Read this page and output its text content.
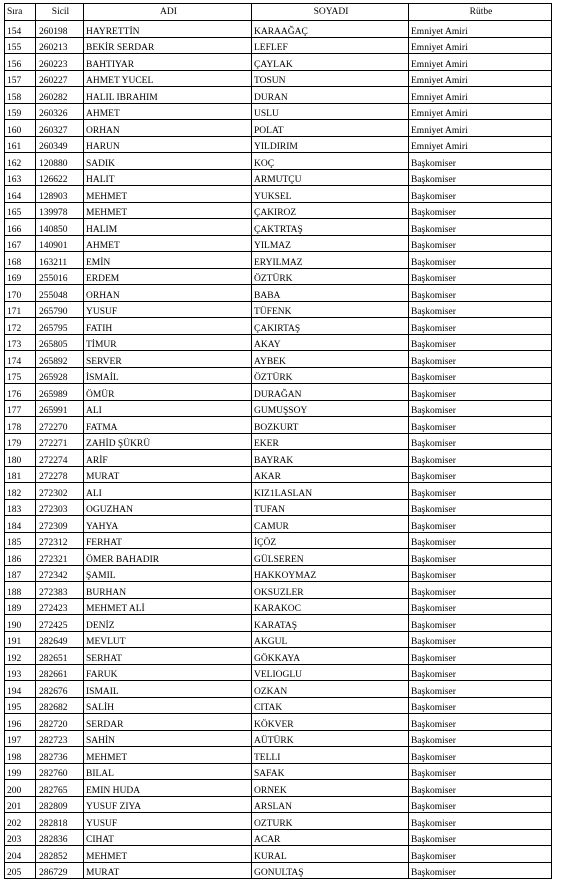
Sıra	Sicil	ADI	SOYADI	Rütbe
154	260198	HAYRETTİN	KARAAĞAÇ	Emniyet Amiri
155	260213	BEKİR SERDAR	LEFLEF	Emniyet Amiri
156	260223	BAHTIYAR	ÇAYLAK	Emniyet Amiri
157	260227	AHMET YUCEL	TOSUN	Emniyet Amiri
158	260282	HALIL IBRAHIM	DURAN	Emniyet Amiri
159	260326	AHMET	USLU	Emniyet Amiri
160	260327	ORHAN	POLAT	Emniyet Amiri
161	260349	HARUN	YILDIRIM	Emniyet Amiri
162	120880	SADIK	KOÇ	Başkomiser
163	126622	HALIT	ARMUTÇU	Başkomiser
164	128903	MEHMET	YUKSEL	Başkomiser
165	139978	MEHMET	ÇAKIROZ	Başkomiser
166	140850	HALIM	ÇAKTRTAŞ	Başkomiser
167	140901	AHMET	YILMAZ	Başkomiser
168	163211	EMİN	ERYILMAZ	Başkomiser
169	255016	ERDEM	ÖZTÜRK	Başkomiser
170	255048	ORHAN	BABA	Başkomiser
171	265790	YUSUF	TÜFENK	Başkomiser
172	265795	FATIH	ÇAKIRTAŞ	Başkomiser
173	265805	TİMUR	AKAY	Başkomiser
174	265892	SERVER	AYBEK	Başkomiser
175	265928	İSMAİL	ÖZTÜRK	Başkomiser
176	265989	ÖMÜR	DURAĞAN	Başkomiser
177	265991	ALI	GUMUŞSOY	Başkomiser
178	272270	FATMA	BOZKURT	Başkomiser
179	272271	ZAHİD ŞÜKRÜ	EKER	Başkomiser
180	272274	ARİF	BAYRAK	Başkomiser
181	272278	MURAT	AKAR	Başkomiser
182	272302	ALI	KIZ1LASLAN	Başkomiser
183	272303	OGUZHAN	TUFAN	Başkomiser
184	272309	YAHYA	CAMUR	Başkomiser
185	272312	FERHAT	İÇÖZ	Başkomiser
186	272321	ÖMER BAHADIR	GÜLSEREN	Başkomiser
187	272342	ŞAMIL	HAKKOYMAZ	Başkomiser
188	272383	BURHAN	OKSUZLER	Başkomiser
189	272423	MEHMET ALİ	KARAKOC	Başkomiser
190	272425	DENİZ	KARATAŞ	Başkomiser
191	282649	MEVLUT	AKGUL	Başkomiser
192	282651	SERHAT	GÖKKAYA	Başkomiser
193	282661	FARUK	VELIOGLU	Başkomiser
194	282676	ISMAIL	OZKAN	Başkomiser
195	282682	SALİH	CITAK	Başkomiser
196	282720	SERDAR	KÖKVER	Başkomiser
197	282723	SAHİN	AÜTÜRK	Başkomiser
198	282736	MEHMET	TELLI	Başkomiser
199	282760	BILAL	SAFAK	Başkomiser
200	282765	EMIN HUDA	ORNEK	Başkomiser
201	282809	YUSUF ZIYA	ARSLAN	Başkomiser
202	282818	YUSUF	OZTURK	Başkomiser
203	282836	CIHAT	ACAR	Başkomiser
204	282852	MEHMET	KURAL	Başkomiser
205	286729	MURAT	GONULTAŞ	Başkomiser
